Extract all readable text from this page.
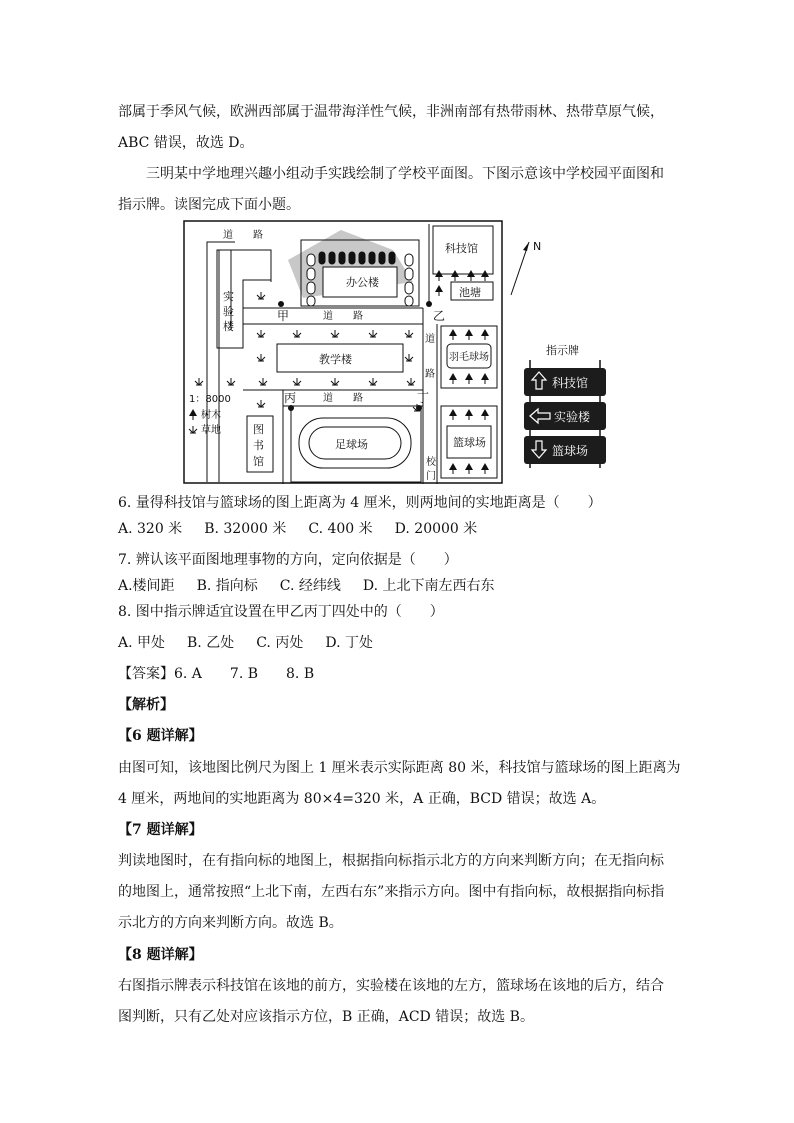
部属于季风气候，欧洲西部属于温带海洋性气候，非洲南部有热带雨林、热带草原气候，
ABC 错误，故选 D。
三明某中学地理兴趣小组动手实践绘制了学校平面图。下图示意该中学校园平面图和
指示牌。读图完成下面小题。
道　　路
实
验
楼
办公楼
科技馆
池塘
N
道　　路
教学楼
道
路
羽毛球场
道　　路
足球场	篮球场
校
门
图
书
馆
1：8000
树木
草地
甲	乙
丙	丁
指示牌
科技馆
实验楼
篮球场
6. 量得科技馆与篮球场的图上距离为 4 厘米，则两地间的实地距离是（　　）
A. 320 米 B. 32000 米 C. 400 米 D. 20000 米
7. 辨认该平面图地理事物的方向，定向依据是（　　）
A.楼间距 B. 指向标 C. 经纬线 D. 上北下南左西右东
8. 图中指示牌适宜设置在甲乙丙丁四处中的（　　）
A. 甲处 B. 乙处 C. 丙处 D. 丁处
【答案】6. A　　7. B　　8. B
【解析】
【6 题详解】
由图可知，该地图比例尺为图上 1 厘米表示实际距离 80 米，科技馆与篮球场的图上距离为
4 厘米，两地间的实地距离为 80×4=320 米，A 正确，BCD 错误；故选 A。
【7 题详解】
判读地图时，在有指向标的地图上，根据指向标指示北方的方向来判断方向；在无指向标
的地图上，通常按照“上北下南，左西右东”来指示方向。图中有指向标，故根据指向标指
示北方的方向来判断方向。故选 B。
【8 题详解】
右图指示牌表示科技馆在该地的前方，实验楼在该地的左方，篮球场在该地的后方，结合
图判断，只有乙处对应该指示方位，B 正确，ACD 错误；故选 B。
